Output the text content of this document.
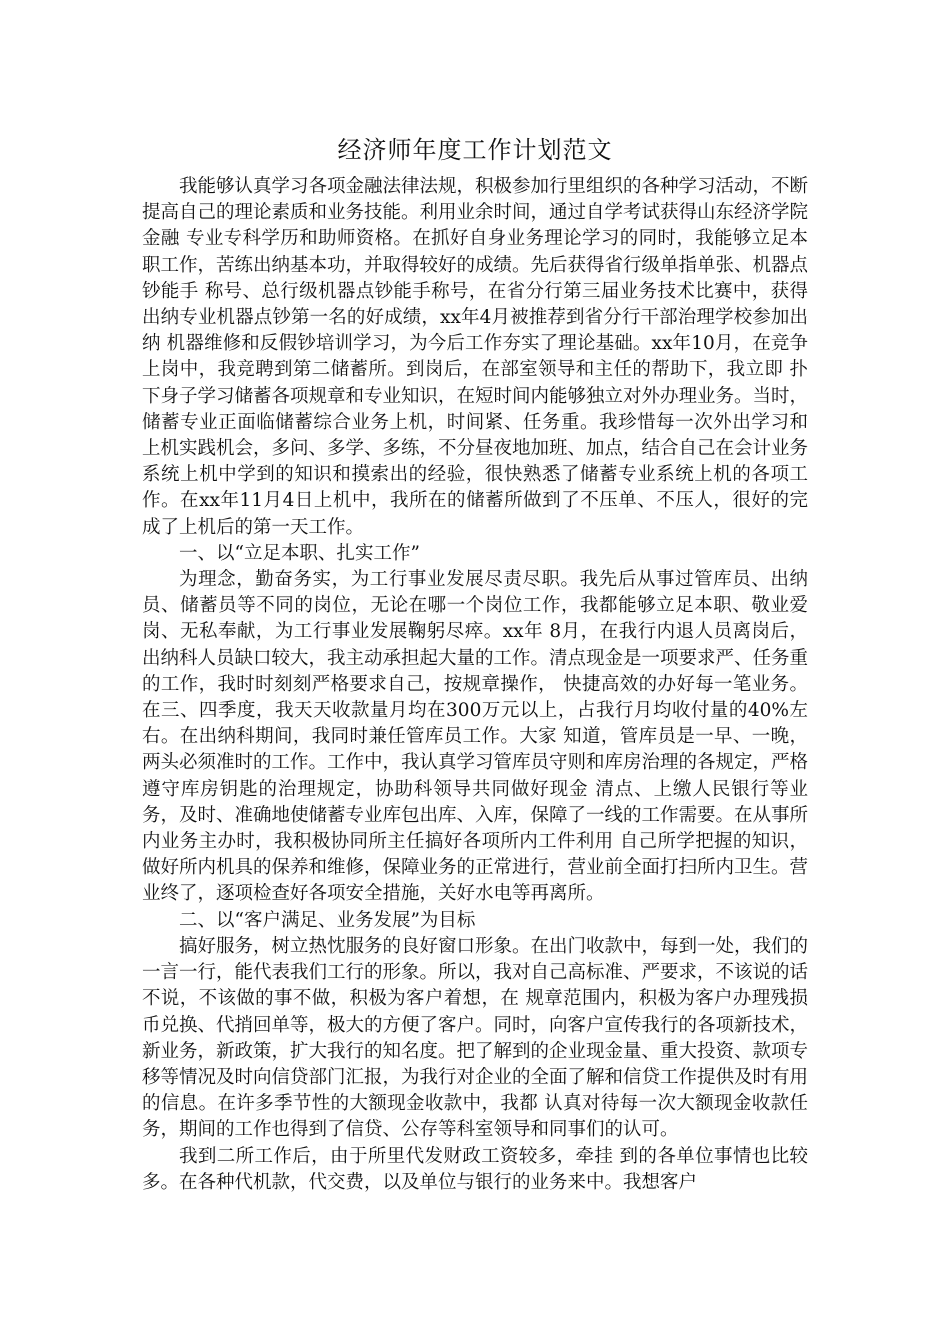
经济师年度工作计划范文

我能够认真学习各项金融法律法规，积极参加行里组织的各种学习活动，不断提高自己的理论素质和业务技能。利用业余时间，通过自学考试获得山东经济学院金融 专业专科学历和助师资格。在抓好自身业务理论学习的同时，我能够立足本职工作，苦练出纳基本功，并取得较好的成绩。先后获得省行级单指单张、机器点钞能手 称号、总行级机器点钞能手称号，在省分行第三届业务技术比赛中，获得出纳专业机器点钞第一名的好成绩，xx年4月被推荐到省分行干部治理学校参加出纳 机器维修和反假钞培训学习，为今后工作夯实了理论基础。xx年10月，在竞争上岗中，我竞聘到第二储蓄所。到岗后，在部室领导和主任的帮助下，我立即 扑下身子学习储蓄各项规章和专业知识，在短时间内能够独立对外办理业务。当时，储蓄专业正面临储蓄综合业务上机，时间紧、任务重。我珍惜每一次外出学习和 上机实践机会，多问、多学、多练，不分昼夜地加班、加点，结合自己在会计业务系统上机中学到的知识和摸索出的经验，很快熟悉了储蓄专业系统上机的各项工 作。在xx年11月4日上机中，我所在的储蓄所做到了不压单、不压人，很好的完成了上机后的第一天工作。

一、以“立足本职、扎实工作”

为理念，勤奋务实，为工行事业发展尽责尽职。我先后从事过管库员、出纳员、储蓄员等不同的岗位，无论在哪一个岗位工作，我都能够立足本职、敬业爱岗、无私奉献，为工行事业发展鞠躬尽瘁。xx年 8月，在我行内退人员离岗后，出纳科人员缺口较大，我主动承担起大量的工作。清点现金是一项要求严、任务重的工作，我时时刻刻严格要求自己，按规章操作， 快捷高效的办好每一笔业务。在三、四季度，我天天收款量月均在300万元以上，占我行月均收付量的40%左右。在出纳科期间，我同时兼任管库员工作。大家 知道，管库员是一早、一晚，两头必须准时的工作。工作中，我认真学习管库员守则和库房治理的各规定，严格遵守库房钥匙的治理规定，协助科领导共同做好现金 清点、上缴人民银行等业务，及时、准确地使储蓄专业库包出库、入库，保障了一线的工作需要。在从事所内业务主办时，我积极协同所主任搞好各项所内工件利用 自己所学把握的知识，做好所内机具的保养和维修，保障业务的正常进行，营业前全面打扫所内卫生。营业终了，逐项检查好各项安全措施，关好水电等再离所。

二、以“客户满足、业务发展”为目标

搞好服务，树立热忱服务的良好窗口形象。在出门收款中，每到一处，我们的一言一行，能代表我们工行的形象。所以，我对自己高标准、严要求，不该说的话不说，不该做的事不做，积极为客户着想，在 规章范围内，积极为客户办理残损币兑换、代捎回单等，极大的方便了客户。同时，向客户宣传我行的各项新技术，新业务，新政策，扩大我行的知名度。把了解到的企业现金量、重大投资、款项专移等情况及时向信贷部门汇报，为我行对企业的全面了解和信贷工作提供及时有用的信息。在许多季节性的大额现金收款中，我都 认真对待每一次大额现金收款任务，期间的工作也得到了信贷、公存等科室领导和同事们的认可。

我到二所工作后，由于所里代发财政工资较多，牵挂 到的各单位事情也比较多。在各种代机款，代交费，以及单位与银行的业务来中。我想客户
